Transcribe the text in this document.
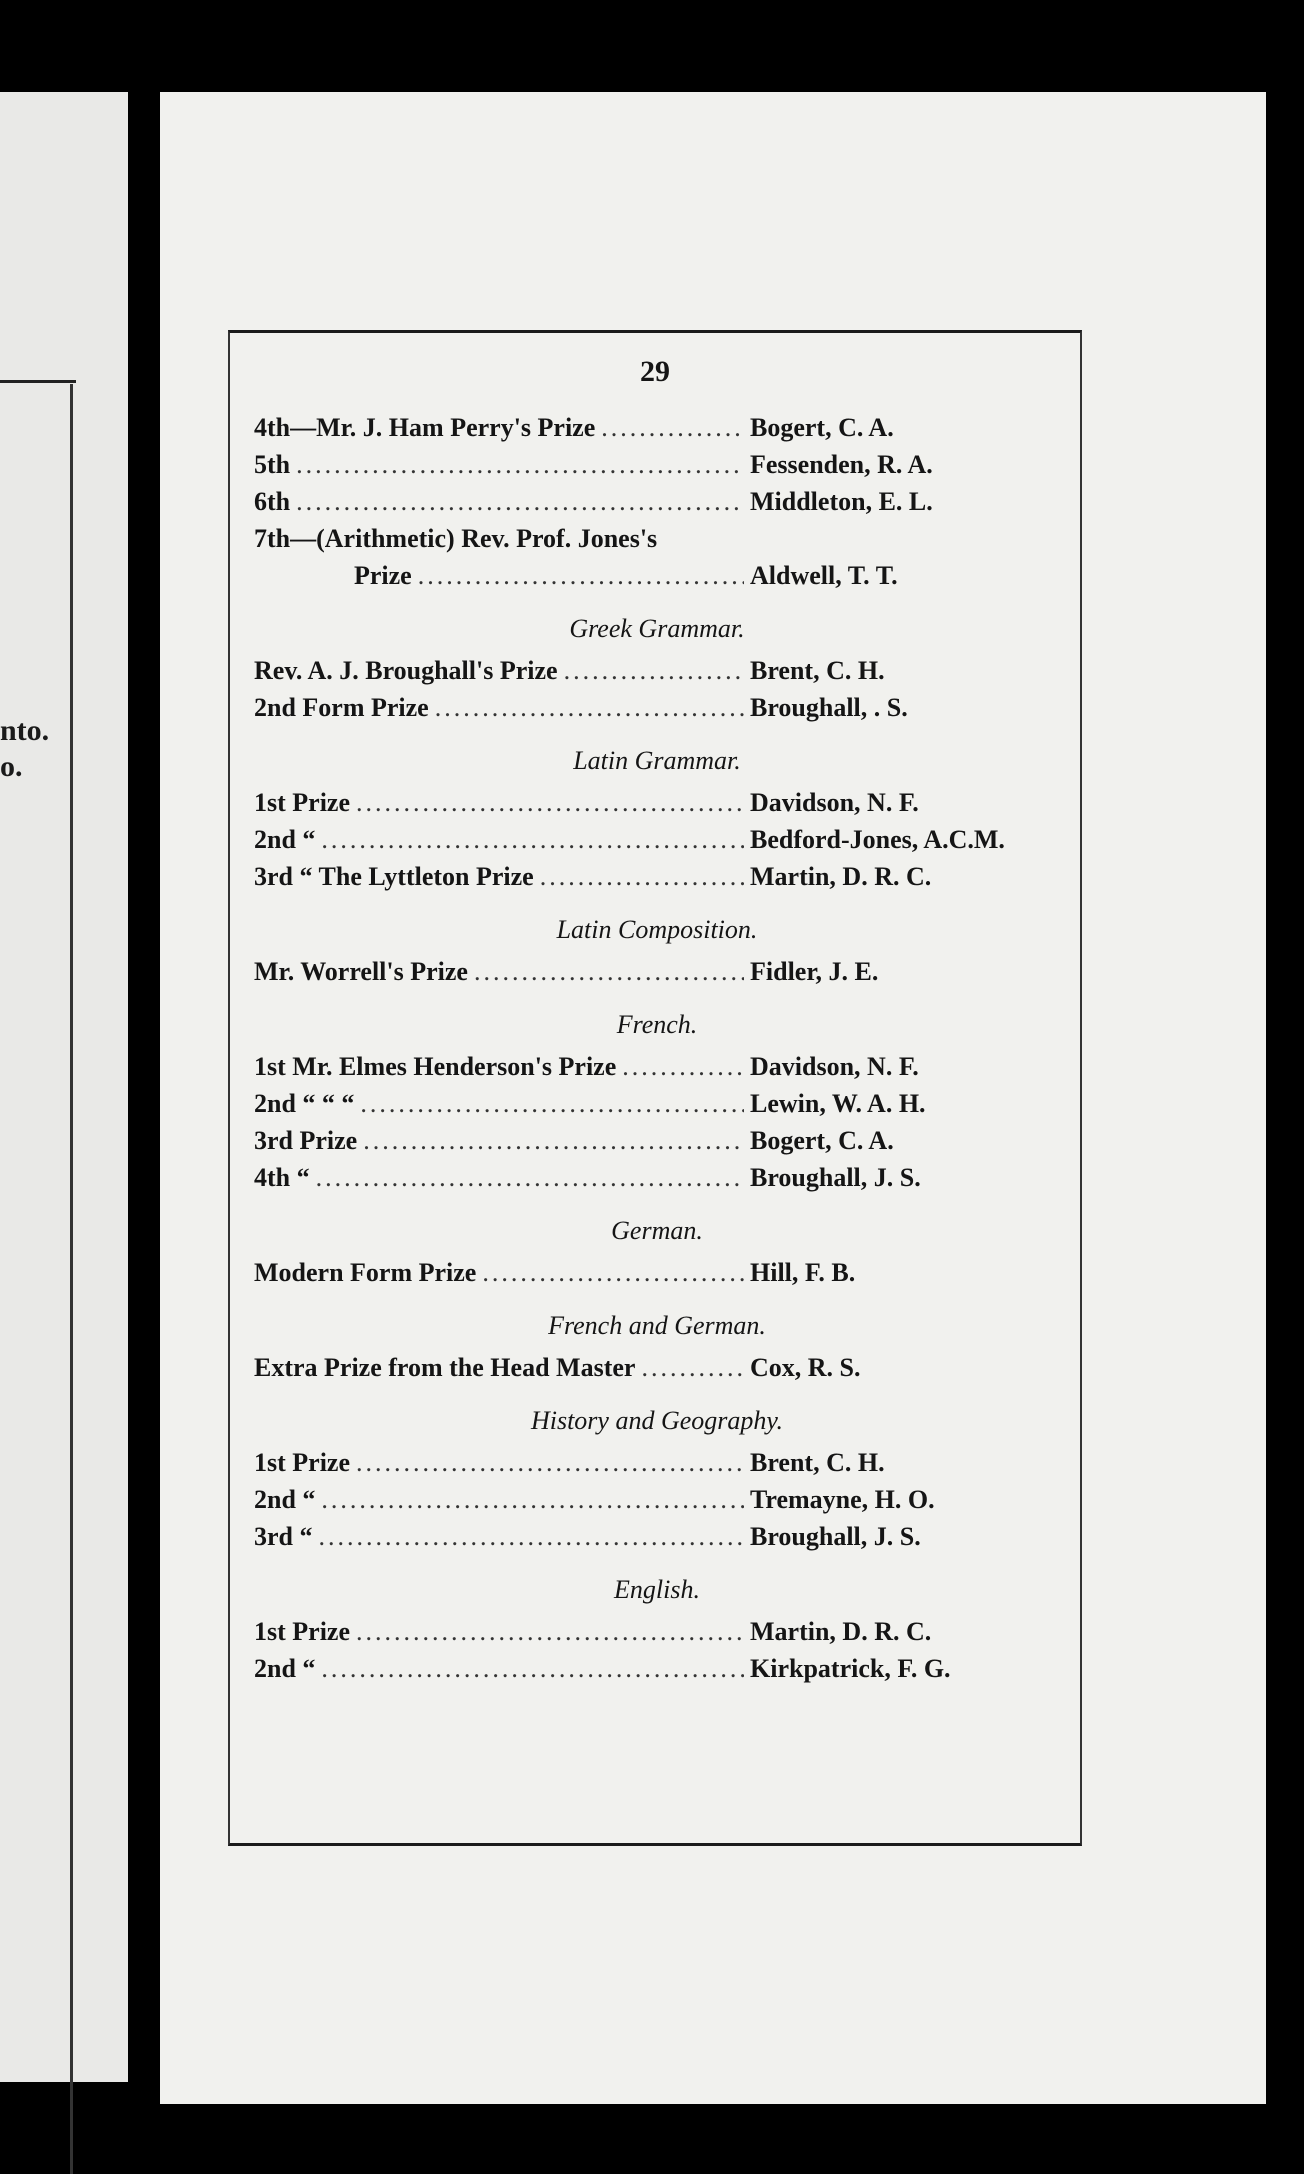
nto.
o.
29
4th—Mr. J. Ham Perry's Prize .....	Bogert, C. A.
5th .....	Fessenden, R. A.
6th .....	Middleton, E. L.
7th—(Arithmetic) Rev. Prof. Jones's
Prize .....	Aldwell, T. T.
Greek Grammar.
Rev. A. J. Broughall's Prize .....	Brent, C. H.
2nd Form Prize .....	Broughall, . S.
Latin Grammar.
1st Prize .....	Davidson, N. F.
2nd “ .....	Bedford-Jones, A.C.M.
3rd “ The Lyttleton Prize .....	Martin, D. R. C.
Latin Composition.
Mr. Worrell's Prize .....	Fidler, J. E.
French.
1st Mr. Elmes Henderson's Prize .....	Davidson, N. F.
2nd “ “ “ .....	Lewin, W. A. H.
3rd Prize .....	Bogert, C. A.
4th “ .....	Broughall, J. S.
German.
Modern Form Prize .....	Hill, F. B.
French and German.
Extra Prize from the Head Master .....	Cox, R. S.
History and Geography.
1st Prize .....	Brent, C. H.
2nd “ .....	Tremayne, H. O.
3rd “ .....	Broughall, J. S.
English.
1st Prize .....	Martin, D. R. C.
2nd “ .....	Kirkpatrick, F. G.
